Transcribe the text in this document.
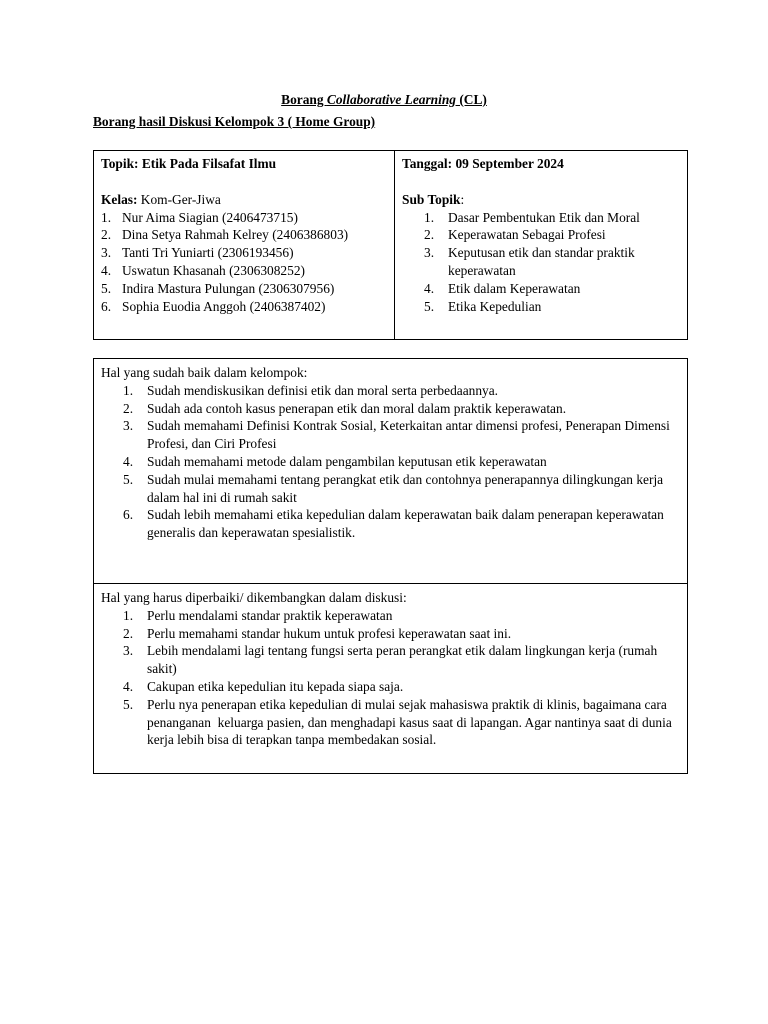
Borang Collaborative Learning (CL)
Borang hasil Diskusi Kelompok 3 ( Home Group)
Topik: Etik Pada Filsafat Ilmu
Kelas: Kom-Ger-Jiwa
1. Nur Aima Siagian (2406473715)
2. Dina Setya Rahmah Kelrey (2406386803)
3. Tanti Tri Yuniarti (2306193456)
4. Uswatun Khasanah (2306308252)
5. Indira Mastura Pulungan (2306307956)
6. Sophia Euodia Anggoh (2406387402)
Tanggal: 09 September 2024
Sub Topik:
1. Dasar Pembentukan Etik dan Moral
2. Keperawatan Sebagai Profesi
3. Keputusan etik dan standar praktik keperawatan
4. Etik dalam Keperawatan
5. Etika Kepedulian
Hal yang sudah baik dalam kelompok:
1. Sudah mendiskusikan definisi etik dan moral serta perbedaannya.
2. Sudah ada contoh kasus penerapan etik dan moral dalam praktik keperawatan.
3. Sudah memahami Definisi Kontrak Sosial, Keterkaitan antar dimensi profesi, Penerapan Dimensi Profesi, dan Ciri Profesi
4. Sudah memahami metode dalam pengambilan keputusan etik keperawatan
5. Sudah mulai memahami tentang perangkat etik dan contohnya penerapannya dilingkungan kerja dalam hal ini di rumah sakit
6. Sudah lebih memahami etika kepedulian dalam keperawatan baik dalam penerapan keperawatan generalis dan keperawatan spesialistik.
Hal yang harus diperbaiki/ dikembangkan dalam diskusi:
1. Perlu mendalami standar praktik keperawatan
2. Perlu memahami standar hukum untuk profesi keperawatan saat ini.
3. Lebih mendalami lagi tentang fungsi serta peran perangkat etik dalam lingkungan kerja (rumah sakit)
4. Cakupan etika kepedulian itu kepada siapa saja.
5. Perlu nya penerapan etika kepedulian di mulai sejak mahasiswa praktik di klinis, bagaimana cara penanganan  keluarga pasien, dan menghadapi kasus saat di lapangan. Agar nantinya saat di dunia kerja lebih bisa di terapkan tanpa membedakan sosial.
